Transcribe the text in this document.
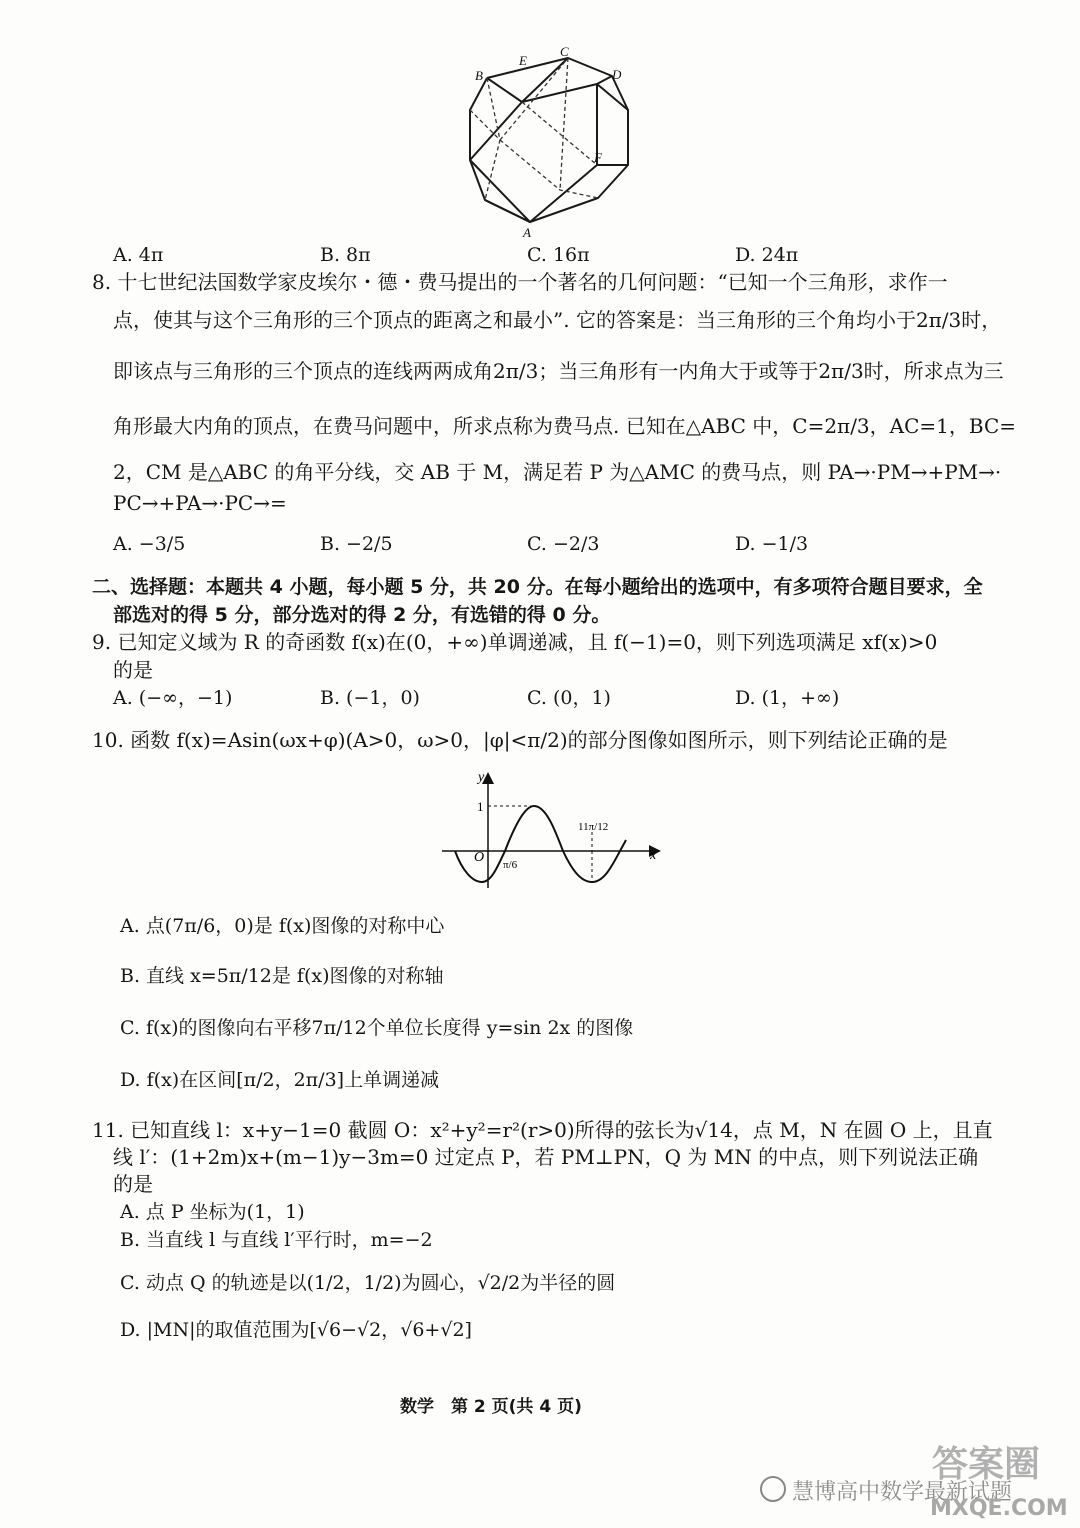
B
E
C
D
F
A
A. 4π	B. 8π	C. 16π	D. 24π
8. 十七世纪法国数学家皮埃尔・德・费马提出的一个著名的几何问题：“已知一个三角形，求作一
点，使其与这个三角形的三个顶点的距离之和最小”. 它的答案是：当三角形的三个角均小于2π/3时，
即该点与三角形的三个顶点的连线两两成角2π/3；当三角形有一内角大于或等于2π/3时，所求点为三
角形最大内角的顶点，在费马问题中，所求点称为费马点. 已知在△ABC 中，C=2π/3，AC=1，BC=
2，CM 是△ABC 的角平分线，交 AB 于 M，满足若 P 为△AMC 的费马点，则 PA→·PM→+PM→·
PC→+PA→·PC→=
A. −3/5	B. −2/5	C. −2/3	D. −1/3
二、选择题：本题共 4 小题，每小题 5 分，共 20 分。在每小题给出的选项中，有多项符合题目要求，全
部选对的得 5 分，部分选对的得 2 分，有选错的得 0 分。
9. 已知定义域为 R 的奇函数 f(x)在(0，+∞)单调递减，且 f(−1)=0，则下列选项满足 xf(x)>0
的是
A. (−∞，−1)	B. (−1，0)	C. (0，1)	D. (1，+∞)
10. 函数 f(x)=Asin(ωx+φ)(A>0，ω>0，|φ|<π/2)的部分图像如图所示，则下列结论正确的是
y
x
O
1
π/6
11π/12
A. 点(7π/6，0)是 f(x)图像的对称中心
B. 直线 x=5π/12是 f(x)图像的对称轴
C. f(x)的图像向右平移7π/12个单位长度得 y=sin 2x 的图像
D. f(x)在区间[π/2，2π/3]上单调递减
11. 已知直线 l：x+y−1=0 截圆 O：x²+y²=r²(r>0)所得的弦长为√14，点 M，N 在圆 O 上，且直
线 l′：(1+2m)x+(m−1)y−3m=0 过定点 P，若 PM⊥PN，Q 为 MN 的中点，则下列说法正确
的是
A. 点 P 坐标为(1，1)
B. 当直线 l 与直线 l′平行时，m=−2
C. 动点 Q 的轨迹是以(1/2，1/2)为圆心，√2/2为半径的圆
D. |MN|的取值范围为[√6−√2，√6+√2]
数学　第 2 页(共 4 页)
慧博高中数学最新试题
答案圈
MXQE.COM
